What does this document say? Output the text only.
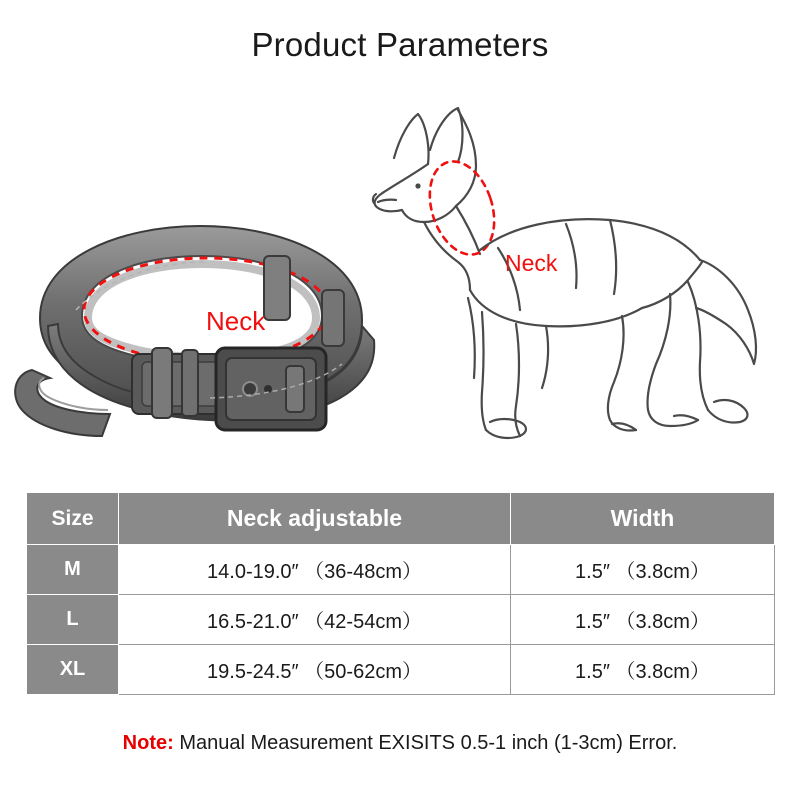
Product Parameters
Neck
Neck
Size	Neck adjustable	Width
M	14.0-19.0″ （36-48cm）	1.5″ （3.8cm）
L	16.5-21.0″ （42-54cm）	1.5″ （3.8cm）
XL	19.5-24.5″ （50-62cm）	1.5″ （3.8cm）
Note: Manual Measurement EXISITS 0.5-1 inch (1-3cm) Error.
